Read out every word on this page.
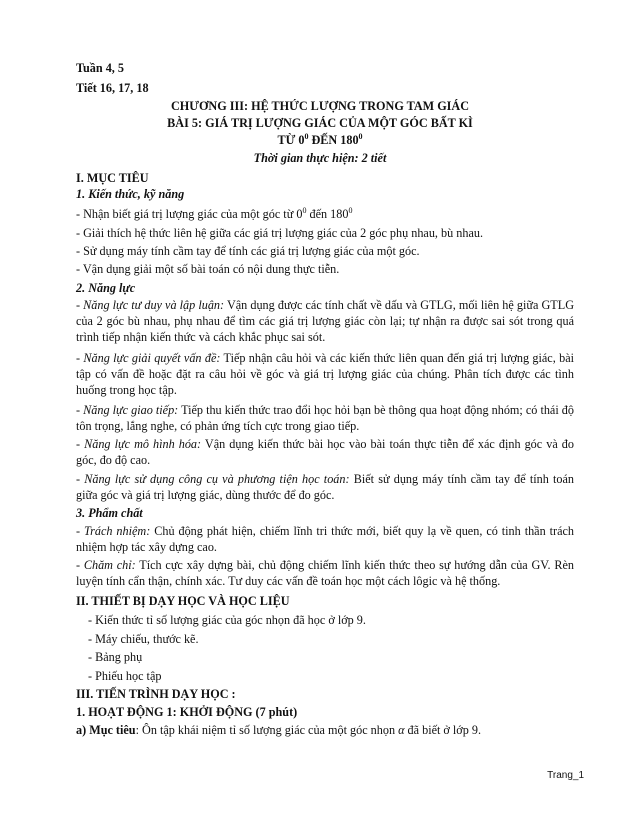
Tuần 4, 5
Tiết 16, 17, 18
CHƯƠNG III: HỆ THỨC LƯỢNG TRONG TAM GIÁC
BÀI 5: GIÁ TRỊ LƯỢNG GIÁC CỦA MỘT GÓC BẤT KÌ
TỪ $0^0$ ĐẾN $180^0$
Thời gian thực hiện: 2 tiết
I. MỤC TIÊU
1. Kiến thức, kỹ năng
- Nhận biết giá trị lượng giác của một góc từ $0^0$ đến $180^0$
- Giải thích hệ thức liên hệ giữa các giá trị lượng giác của 2 góc phụ nhau, bù nhau.
- Sử dụng máy tính cầm tay để tính các giá trị lượng giác của một góc.
- Vận dụng giải một số bài toán có nội dung thực tiễn.
2. Năng lực
- Năng lực tư duy và lập luận: Vận dụng được các tính chất về dấu và GTLG, mối liên hệ giữa GTLG của 2 góc bù nhau, phụ nhau để tìm các giá trị lượng giác còn lại; tự nhận ra được sai sót trong quá trình tiếp nhận kiến thức và cách khắc phục sai sót.
- Năng lực giải quyết vấn đề: Tiếp nhận câu hỏi và các kiến thức liên quan đến giá trị lượng giác, bài tập có vấn đề hoặc đặt ra câu hỏi về góc và giá trị lượng giác của chúng. Phân tích được các tình huống trong học tập.
- Năng lực giao tiếp: Tiếp thu kiến thức trao đổi học hỏi bạn bè thông qua hoạt động nhóm; có thái độ tôn trọng, lắng nghe, có phản ứng tích cực trong giao tiếp.
- Năng lực mô hình hóa: Vận dụng kiến thức bài học vào bài toán thực tiễn để xác định góc và đo góc, đo độ cao.
- Năng lực sử dụng công cụ và phương tiện học toán: Biết sử dụng máy tính cầm tay để tính toán giữa góc và giá trị lượng giác, dùng thước để đo góc.
3. Phẩm chất
- Trách nhiệm: Chủ động phát hiện, chiếm lĩnh tri thức mới, biết quy lạ về quen, có tinh thần trách nhiệm hợp tác xây dựng cao.
- Chăm chỉ: Tích cực xây dựng bài, chủ động chiếm lĩnh kiến thức theo sự hướng dẫn của GV. Rèn luyện tính cẩn thận, chính xác. Tư duy các vấn đề toán học một cách lôgic và hệ thống.
II. THIẾT BỊ DẠY HỌC VÀ HỌC LIỆU
- Kiến thức tỉ số lượng giác của góc nhọn đã học ở lớp 9.
- Máy chiếu, thước kẽ.
- Bảng phụ
- Phiếu học tập
III. TIẾN TRÌNH DẠY HỌC :
1. HOẠT ĐỘNG 1: KHỞI ĐỘNG (7 phút)
a) Mục tiêu: Ôn tập khái niệm tỉ số lượng giác của một góc nhọn α đã biết ở lớp 9.
Trang_1
